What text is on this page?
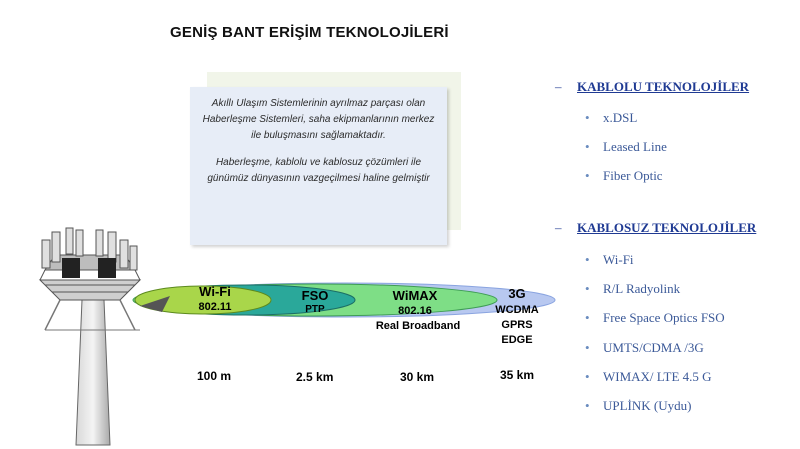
GENİŞ BANT ERİŞİM TEKNOLOJİLERİ

Akıllı Ulaşım Sistemlerinin ayrılmaz parçası olan Haberleşme Sistemleri, saha ekipmanlarının merkez ile buluşmasını sağlamaktadır.

Haberleşme, kablolu ve kablosuz çözümleri ile günümüz dünyasının vazgeçilmesi haline gelmiştir

Wi-Fi
802.11
FSO
PTP
WiMAX
802.16
Real Broadband
3G
WCDMA
GPRS
EDGE
100 m	2.5 km	30 km	35 km
– KABLOLU TEKNOLOJİLER
• x.DSL
• Leased Line
• Fiber Optic
– KABLOSUZ TEKNOLOJİLER
• Wi-Fi
• R/L Radyolink
• Free Space Optics FSO
• UMTS/CDMA /3G
• WIMAX/ LTE 4.5 G
• UPLİNK (Uydu)
